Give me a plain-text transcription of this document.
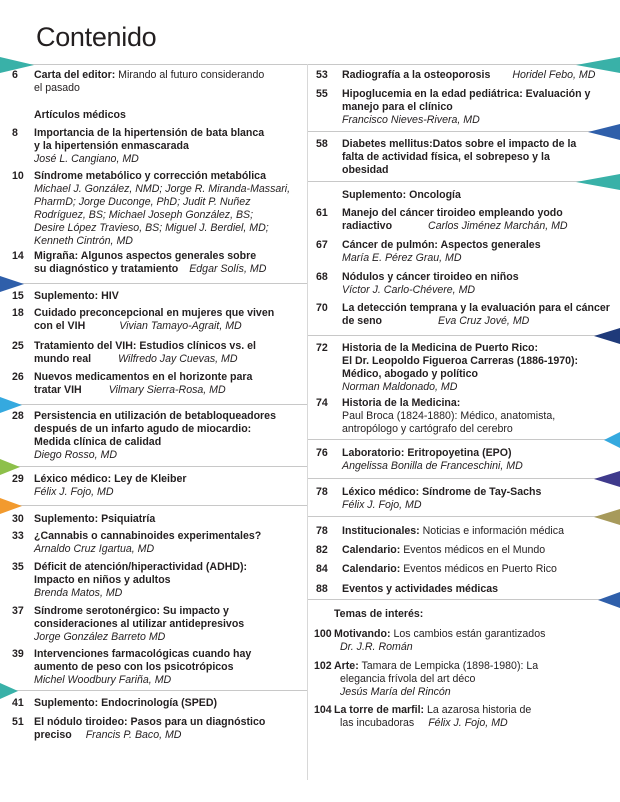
Contenido
6	Carta del editor: Mirando al futuro considerando
el pasado
Artículos médicos
8	Importancia de la hipertensión de bata blanca
y la hipertensión enmascarada
José L. Cangiano, MD
10 Síndrome metabólico y corrección metabólica
Michael J. González, NMD; Jorge R. Miranda-Massari,
PharmD; Jorge Duconge, PhD; Judit P. Nuñez
Rodríguez, BS; Michael Joseph González, BS;
Desire López Travieso, BS; Miguel J. Berdiel, MD;
Kenneth Cintrón, MD
14 Migraña: Algunos aspectos generales sobre
su diagnóstico y tratamiento Edgar Solís, MD
15 Suplemento: HIV
18 Cuidado preconcepcional en mujeres que viven
con el VIH	Vivian Tamayo-Agrait, MD
25 Tratamiento del VIH: Estudios clínicos vs. el
mundo real	Wilfredo Jay Cuevas, MD
26 Nuevos medicamentos en el horizonte para
tratar VIH	Vilmary Sierra-Rosa, MD
28 Persistencia en utilización de betabloqueadores
después de un infarto agudo de miocardio:
Medida clínica de calidad
Diego Rosso, MD
29 Léxico médico: Ley de Kleiber
Félix J. Fojo, MD
30 Suplemento: Psiquiatría
33 ¿Cannabis o cannabinoides experimentales?
Arnaldo Cruz Igartua, MD
35 Déficit de atención/hiperactividad (ADHD):
Impacto en niños y adultos
Brenda Matos, MD
37 Síndrome serotonérgico: Su impacto y
consideraciones al utilizar antidepresivos
Jorge González Barreto MD
39 Intervenciones farmacológicas cuando hay
aumento de peso con los psicotrópicos
Michel Woodbury Fariña, MD
41 Suplemento: Endocrinología (SPED)
51 El nódulo tiroideo: Pasos para un diagnóstico
preciso Francis P. Baco, MD
53	Radiografía a la osteoporosis Horidel Febo, MD
55	Hipoglucemia en la edad pediátrica: Evaluación y
manejo para el clínico
Francisco Nieves-Rivera, MD
58	Diabetes mellitus:Datos sobre el impacto de la
falta de actividad física, el sobrepeso y la
obesidad
Suplemento: Oncología
61	Manejo del cáncer tiroideo empleando yodo
radiactivo	Carlos Jiménez Marchán, MD
67	Cáncer de pulmón: Aspectos generales
María E. Pérez Grau, MD
68	Nódulos y cáncer tiroideo en niños
Víctor J. Carlo-Chévere, MD
70	La detección temprana y la evaluación para el cáncer
de seno	Eva Cruz Jové, MD
72	Historia de la Medicina de Puerto Rico:
El Dr. Leopoldo Figueroa Carreras (1886-1970):
Médico, abogado y político
Norman Maldonado, MD
74	Historia de la Medicina:
Paul Broca (1824-1880): Médico, anatomista,
antropólogo y cartógrafo del cerebro
76	Laboratorio: Eritropoyetina (EPO)
Angelissa Bonilla de Franceschini, MD
78	Léxico médico: Síndrome de Tay-Sachs
Félix J. Fojo, MD
78	Institucionales: Noticias e información médica
82	Calendario: Eventos médicos en el Mundo
84	Calendario: Eventos médicos en Puerto Rico
88	Eventos y actividades médicas
Temas de interés:
100 Motivando: Los cambios están garantizados
Dr. J.R. Román
102 Arte: Tamara de Lempicka (1898-1980): La
elegancia frívola del art déco
Jesús María del Rincón
104 La torre de marfil: La azarosa historia de
las incubadoras Félix J. Fojo, MD
